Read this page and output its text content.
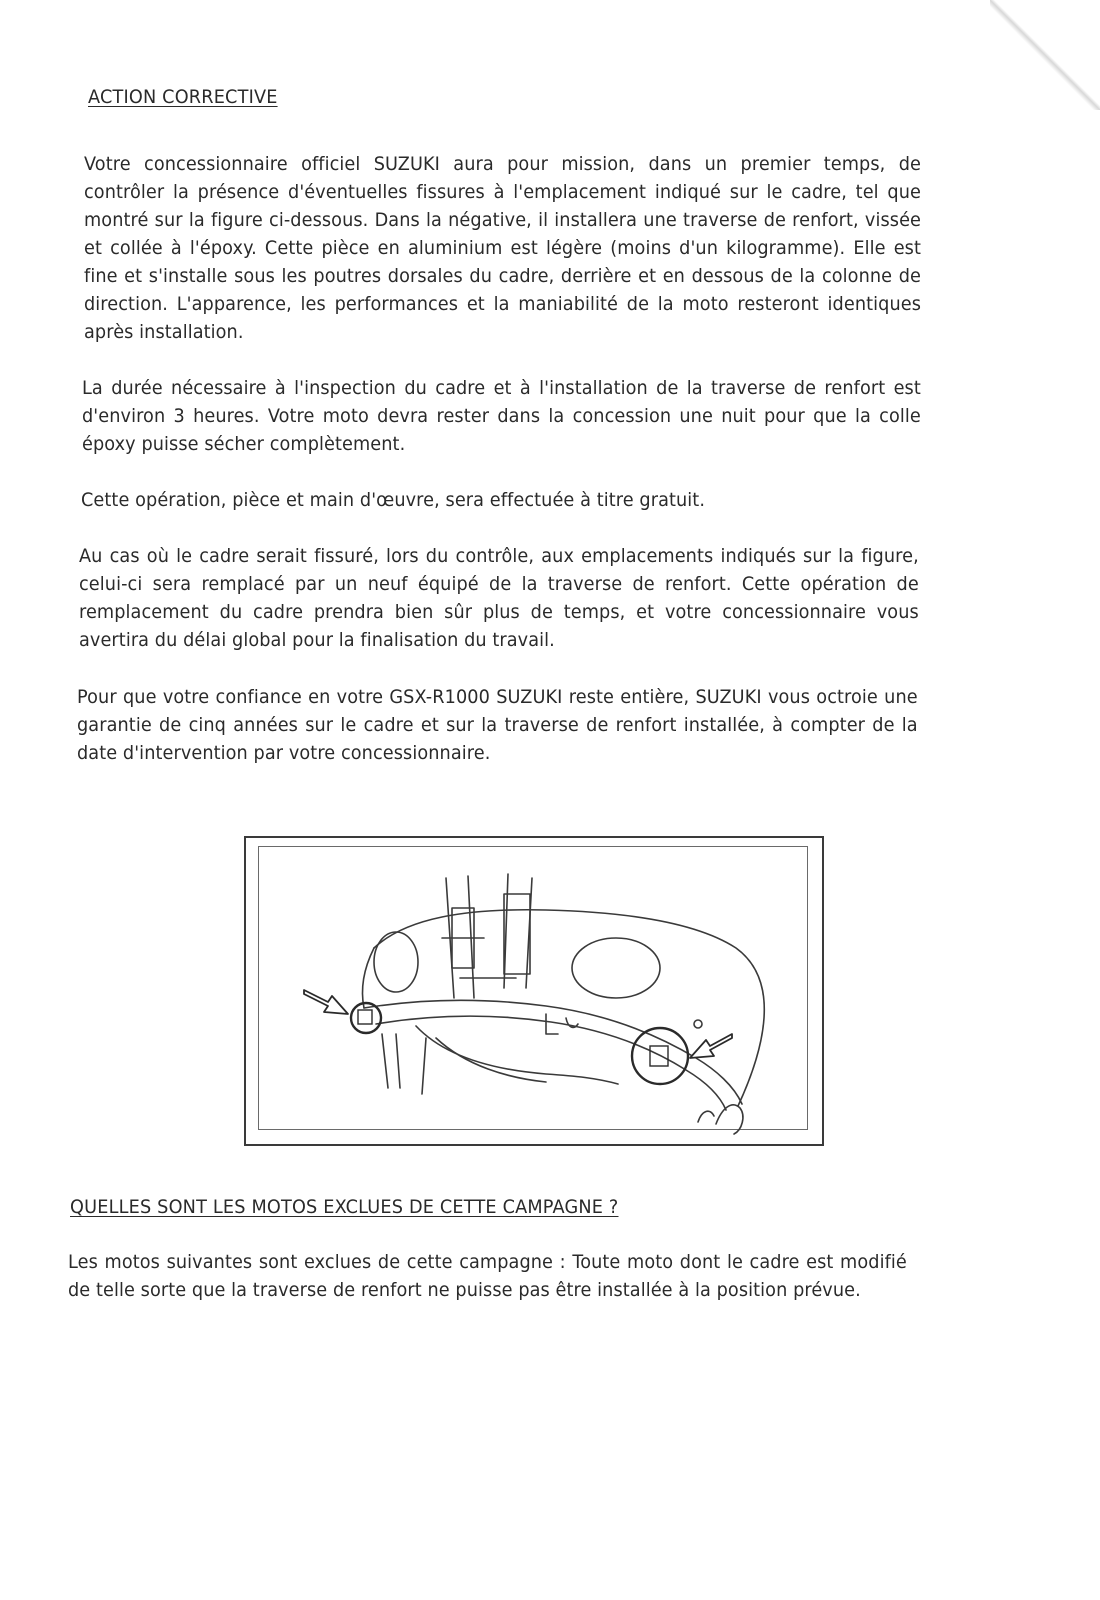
ACTION CORRECTIVE

Votre concessionnaire officiel SUZUKI aura pour mission, dans un premier temps, de contrôler la présence d'éventuelles fissures à l'emplacement indiqué sur le cadre, tel que montré sur la figure ci-dessous. Dans la négative, il installera une traverse de renfort, vissée et collée à l'époxy. Cette pièce en aluminium est légère (moins d'un kilogramme). Elle est fine et s'installe sous les poutres dorsales du cadre, derrière et en dessous de la colonne de direction. L'apparence, les performances et la maniabilité de la moto resteront identiques après installation.

La durée nécessaire à l'inspection du cadre et à l'installation de la traverse de renfort est d'environ 3 heures. Votre moto devra rester dans la concession une nuit pour que la colle époxy puisse sécher complètement.

Cette opération, pièce et main d'œuvre, sera effectuée à titre gratuit.

Au cas où le cadre serait fissuré, lors du contrôle, aux emplacements indiqués sur la figure, celui-ci sera remplacé par un neuf équipé de la traverse de renfort. Cette opération de remplacement du cadre prendra bien sûr plus de temps, et votre concessionnaire vous avertira du délai global pour la finalisation du travail.

Pour que votre confiance en votre GSX-R1000 SUZUKI reste entière, SUZUKI vous octroie une garantie de cinq années sur le cadre et sur la traverse de renfort installée, à compter de la date d'intervention par votre concessionnaire.

QUELLES SONT LES MOTOS EXCLUES DE CETTE CAMPAGNE ?

Les motos suivantes sont exclues de cette campagne : Toute moto dont le cadre est modifié de telle sorte que la traverse de renfort ne puisse pas être installée à la position prévue.
